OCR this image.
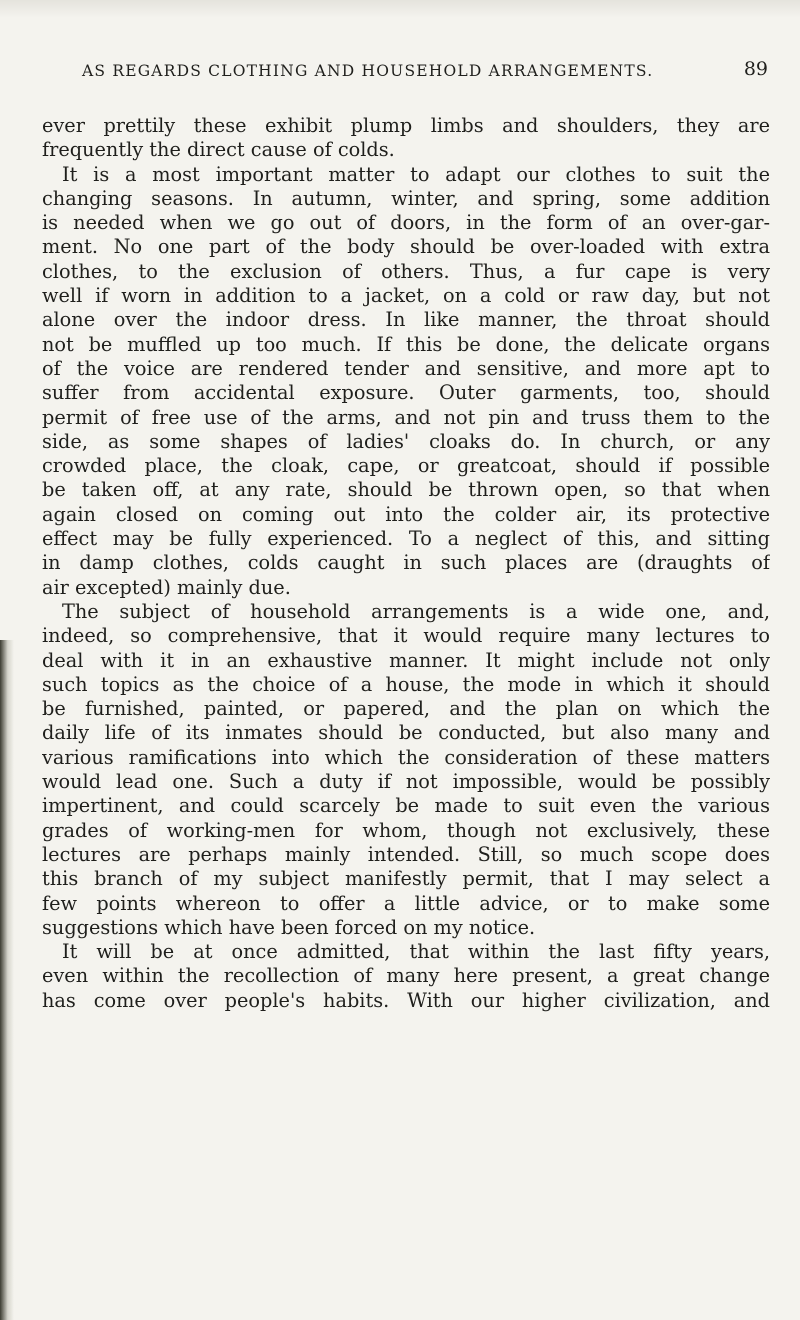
AS REGARDS CLOTHING AND HOUSEHOLD ARRANGEMENTS.	89
ever prettily these exhibit plump limbs and shoulders, they are
frequently the direct cause of colds.
It is a most important matter to adapt our clothes to suit the
changing seasons. In autumn, winter, and spring, some addition
is needed when we go out of doors, in the form of an over-gar-
ment. No one part of the body should be over-loaded with extra
clothes, to the exclusion of others. Thus, a fur cape is very
well if worn in addition to a jacket, on a cold or raw day, but not
alone over the indoor dress. In like manner, the throat should
not be muffled up too much. If this be done, the delicate organs
of the voice are rendered tender and sensitive, and more apt to
suffer from accidental exposure. Outer garments, too, should
permit of free use of the arms, and not pin and truss them to the
side, as some shapes of ladies' cloaks do. In church, or any
crowded place, the cloak, cape, or greatcoat, should if possible
be taken off, at any rate, should be thrown open, so that when
again closed on coming out into the colder air, its protective
effect may be fully experienced. To a neglect of this, and sitting
in damp clothes, colds caught in such places are (draughts of
air excepted) mainly due.
The subject of household arrangements is a wide one, and,
indeed, so comprehensive, that it would require many lectures to
deal with it in an exhaustive manner. It might include not only
such topics as the choice of a house, the mode in which it should
be furnished, painted, or papered, and the plan on which the
daily life of its inmates should be conducted, but also many and
various ramifications into which the consideration of these matters
would lead one. Such a duty if not impossible, would be possibly
impertinent, and could scarcely be made to suit even the various
grades of working-men for whom, though not exclusively, these
lectures are perhaps mainly intended. Still, so much scope does
this branch of my subject manifestly permit, that I may select a
few points whereon to offer a little advice, or to make some
suggestions which have been forced on my notice.
It will be at once admitted, that within the last fifty years,
even within the recollection of many here present, a great change
has come over people's habits. With our higher civilization, and
